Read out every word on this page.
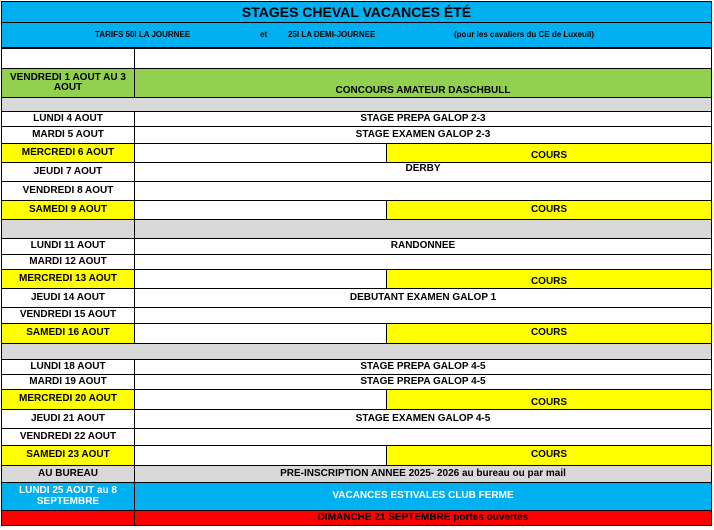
STAGES CHEVAL VACANCES ÉTÉ
TARIFS 50I LA JOURNEE	et	25I LA DEMI-JOURNEE	(pour les cavaliers du CE de Luxeuil)
VENDREDI 1 AOUT AU 3 AOUT	CONCOURS AMATEUR DASCHBULL
LUNDI 4 AOUT	STAGE PREPA GALOP 2-3
MARDI 5 AOUT	STAGE EXAMEN GALOP 2-3
MERCREDI 6 AOUT	COURS
JEUDI 7 AOUT	DERBY
VENDREDI 8 AOUT
SAMEDI 9 AOUT	COURS
LUNDI 11 AOUT	RANDONNEE
MARDI 12 AOUT
MERCREDI 13 AOUT	COURS
JEUDI 14 AOUT	DEBUTANT EXAMEN GALOP 1
VENDREDI 15 AOUT
SAMEDI 16 AOUT	COURS
LUNDI 18 AOUT	STAGE PREPA GALOP 4-5
MARDI 19 AOUT	STAGE PREPA GALOP 4-5
MERCREDI 20 AOUT	COURS
JEUDI 21 AOUT	STAGE EXAMEN GALOP 4-5
VENDREDI 22 AOUT
SAMEDI 23 AOUT	COURS
AU BUREAU	PRE-INSCRIPTION ANNEE 2025- 2026 au bureau ou par mail
LUNDI 25 AOUT au 8 SEPTEMBRE	VACANCES ESTIVALES CLUB FERME
DIMANCHE 21 SEPTEMBRE portes ouvertes
